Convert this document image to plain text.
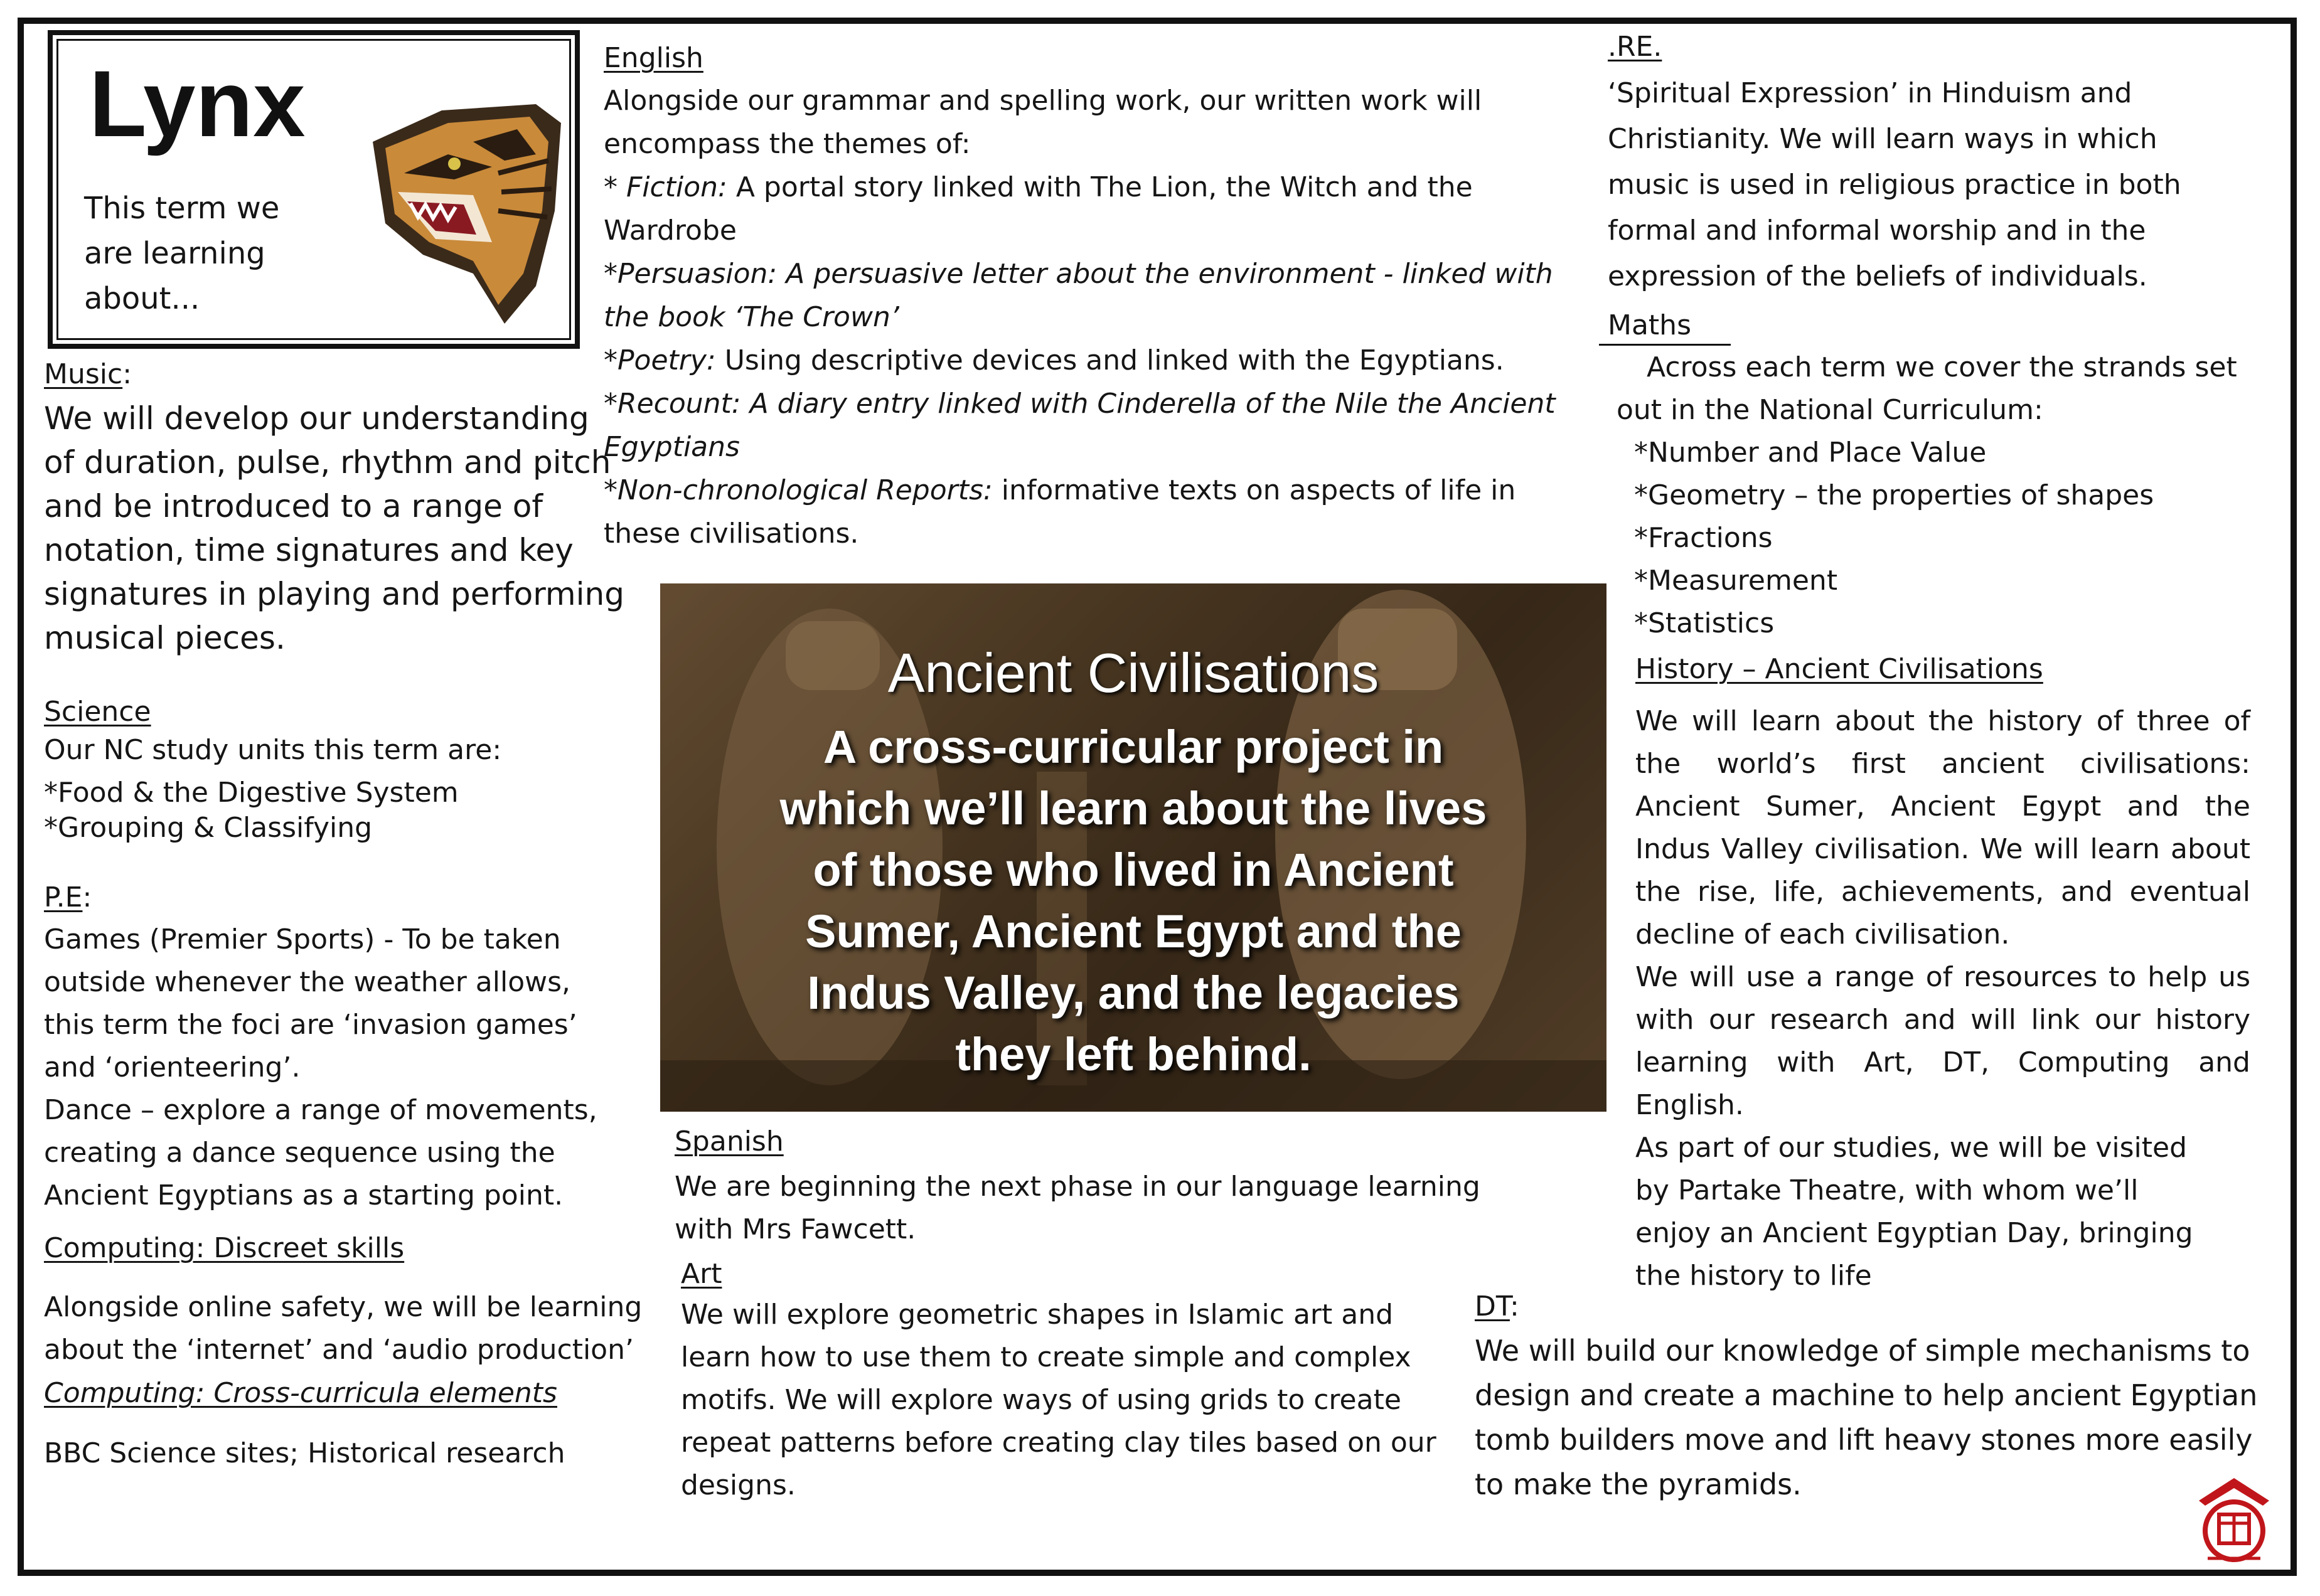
Lynx
This term we
are learning
about...
Music:
We will develop our understanding
of duration, pulse, rhythm and pitch
and be introduced to a range of
notation, time signatures and key
signatures in playing and performing
musical pieces.
Science
Our NC study units this term are:
*Food & the Digestive System
*Grouping & Classifying
P.E:
Games (Premier Sports) - To be taken
outside whenever the weather allows,
this term the foci are ‘invasion games’
and ‘orienteering’.
Dance – explore a range of movements,
creating a dance sequence using the
Ancient Egyptians as a starting point.
Computing: Discreet skills
Alongside online safety, we will be learning
about the ‘internet’ and ‘audio production’
Computing: Cross-curricula elements
BBC Science sites; Historical research
English
Alongside our grammar and spelling work, our written work will
encompass the themes of:
* Fiction: A portal story linked with The Lion, the Witch and the
Wardrobe
*Persuasion: A persuasive letter about the environment - linked with
the book ‘The Crown’
*Poetry: Using descriptive devices and linked with the Egyptians.
*Recount: A diary entry linked with Cinderella of the Nile the Ancient
Egyptians
*Non-chronological Reports: informative texts on aspects of life in
these civilisations.
Ancient Civilisations
A cross-curricular project in
which we’ll learn about the lives
of those who lived in Ancient
Sumer, Ancient Egypt and the
Indus Valley, and the legacies
they left behind.
Spanish
We are beginning the next phase in our language learning
with Mrs Fawcett.
Art
We will explore geometric shapes in Islamic art and
learn how to use them to create simple and complex
motifs. We will explore ways of using grids to create
repeat patterns before creating clay tiles based on our
designs.
.RE.
‘Spiritual Expression’ in Hinduism and
Christianity. We will learn ways in which
music is used in religious practice in both
formal and informal worship and in the
expression of the beliefs of individuals.
Maths
Across each term we cover the strands set
out in the National Curriculum:
*Number and Place Value
*Geometry – the properties of shapes
*Fractions
*Measurement
*Statistics
History – Ancient Civilisations
We will learn about the history of three of
the world’s first ancient civilisations:
Ancient Sumer, Ancient Egypt and the
Indus Valley civilisation. We will learn about
the rise, life, achievements, and eventual
decline of each civilisation.
We will use a range of resources to help us
with our research and will link our history
learning with Art, DT, Computing and
English.
As part of our studies, we will be visited
by Partake Theatre, with whom we’ll
enjoy an Ancient Egyptian Day, bringing
the history to life
DT:
We will build our knowledge of simple mechanisms to
design and create a machine to help ancient Egyptian
tomb builders move and lift heavy stones more easily
to make the pyramids.
